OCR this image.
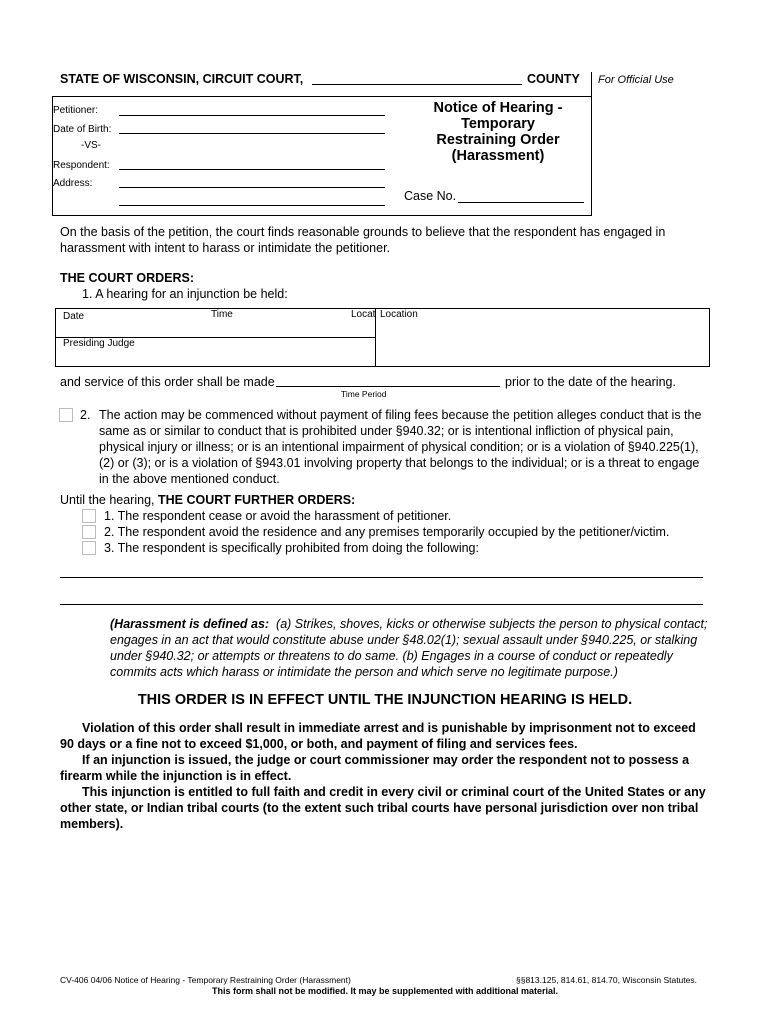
STATE OF WISCONSIN, CIRCUIT COURT,	COUNTY For Official Use
Petitioner:
Date of Birth:
-VS-
Respondent:
Address:
Notice of Hearing -
Temporary
Restraining Order
(Harassment)
Case No.
On the basis of the petition, the court finds reasonable grounds to believe that the respondent has engaged in harassment with intent to harass or intimidate the petitioner.
THE COURT ORDERS:
1. A hearing for an injunction be held:
Date	Time	Locat Location
Presiding Judge
and service of this order shall be made	prior to the date of the hearing.
Time Period
2. The action may be commenced without payment of filing fees because the petition alleges conduct that is the same as or similar to conduct that is prohibited under §940.32; or is intentional infliction of physical pain, physical injury or illness; or is an intentional impairment of physical condition; or is a violation of §940.225(1), (2) or (3); or is a violation of §943.01 involving property that belongs to the individual; or is a threat to engage in the above mentioned conduct.
Until the hearing, THE COURT FURTHER ORDERS:
1. The respondent cease or avoid the harassment of petitioner.
2. The respondent avoid the residence and any premises temporarily occupied by the petitioner/victim.
3. The respondent is specifically prohibited from doing the following:
(Harassment is defined as: (a) Strikes, shoves, kicks or otherwise subjects the person to physical contact; engages in an act that would constitute abuse under §48.02(1); sexual assault under §940.225, or stalking under §940.32; or attempts or threatens to do same. (b) Engages in a course of conduct or repeatedly commits acts which harass or intimidate the person and which serve no legitimate purpose.)
THIS ORDER IS IN EFFECT UNTIL THE INJUNCTION HEARING IS HELD.
Violation of this order shall result in immediate arrest and is punishable by imprisonment not to exceed 90 days or a fine not to exceed $1,000, or both, and payment of filing and services fees.
If an injunction is issued, the judge or court commissioner may order the respondent not to possess a firearm while the injunction is in effect.
This injunction is entitled to full faith and credit in every civil or criminal court of the United States or any other state, or Indian tribal courts (to the extent such tribal courts have personal jurisdiction over non tribal members).
CV-406 04/06 Notice of Hearing - Temporary Restraining Order (Harassment)	§§813.125, 814.61, 814.70, Wisconsin Statutes.
This form shall not be modified. It may be supplemented with additional material.
